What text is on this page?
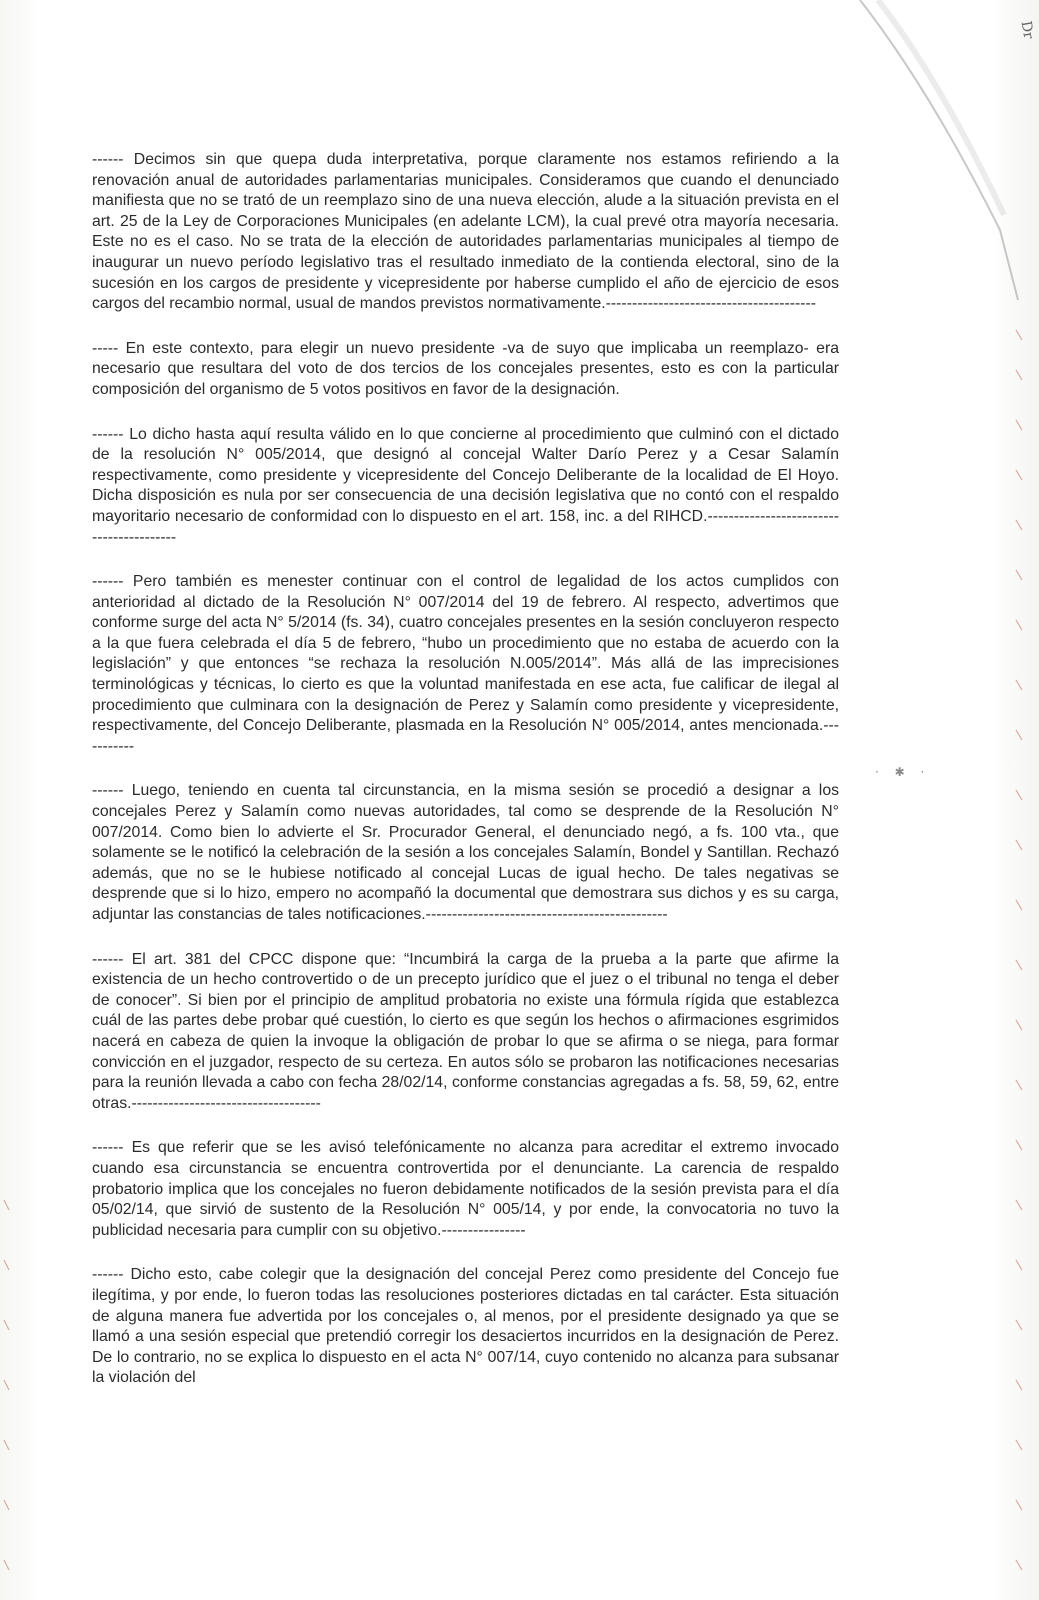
Dr
· ✱ ·

------ Decimos sin que quepa duda interpretativa, porque claramente nos estamos refiriendo a la renovación anual de autoridades parlamentarias municipales. Consideramos que cuando el denunciado manifiesta que no se trató de un reemplazo sino de una nueva elección, alude a la situación prevista en el art. 25 de la Ley de Corporaciones Municipales (en adelante LCM), la cual prevé otra mayoría necesaria. Este no es el caso. No se trata de la elección de autoridades parlamentarias municipales al tiempo de inaugurar un nuevo período legislativo tras el resultado inmediato de la contienda electoral, sino de la sucesión en los cargos de presidente y vicepresidente por haberse cumplido el año de ejercicio de esos cargos del recambio normal, usual de mandos previstos normativamente.----------------------------------------

----- En este contexto, para elegir un nuevo presidente -va de suyo que implicaba un reemplazo- era necesario que resultara del voto de dos tercios de los concejales presentes, esto es con la particular composición del organismo de 5 votos positivos en favor de la designación.

------ Lo dicho hasta aquí resulta válido en lo que concierne al procedimiento que culminó con el dictado de la resolución N° 005/2014, que designó al concejal Walter Darío Perez y a Cesar Salamín respectivamente, como presidente y vicepresidente del Concejo Deliberante de la localidad de El Hoyo. Dicha disposición es nula por ser consecuencia de una decisión legislativa que no contó con el respaldo mayoritario necesario de conformidad con lo dispuesto en el art. 158, inc. a del RIHCD.-----------------------------------------

------ Pero también es menester continuar con el control de legalidad de los actos cumplidos con anterioridad al dictado de la Resolución N° 007/2014 del 19 de febrero. Al respecto, advertimos que conforme surge del acta N° 5/2014 (fs. 34), cuatro concejales presentes en la sesión concluyeron respecto a la que fuera celebrada el día 5 de febrero, “hubo un procedimiento que no estaba de acuerdo con la legislación” y que entonces “se rechaza la resolución N.005/2014”. Más allá de las imprecisiones terminológicas y técnicas, lo cierto es que la voluntad manifestada en ese acta, fue calificar de ilegal al procedimiento que culminara con la designación de Perez y Salamín como presidente y vicepresidente, respectivamente, del Concejo Deliberante, plasmada en la Resolución N° 005/2014, antes mencionada.-----------

------ Luego, teniendo en cuenta tal circunstancia, en la misma sesión se procedió a designar a los concejales Perez y Salamín como nuevas autoridades, tal como se desprende de la Resolución N° 007/2014. Como bien lo advierte el Sr. Procurador General, el denunciado negó, a fs. 100 vta., que solamente se le notificó la celebración de la sesión a los concejales Salamín, Bondel y Santillan. Rechazó además, que no se le hubiese notificado al concejal Lucas de igual hecho. De tales negativas se desprende que si lo hizo, empero no acompañó la documental que demostrara sus dichos y es su carga, adjuntar las constancias de tales notificaciones.----------------------------------------------

------ El art. 381 del CPCC dispone que: “Incumbirá la carga de la prueba a la parte que afirme la existencia de un hecho controvertido o de un precepto jurídico que el juez o el tribunal no tenga el deber de conocer”. Si bien por el principio de amplitud probatoria no existe una fórmula rígida que establezca cuál de las partes debe probar qué cuestión, lo cierto es que según los hechos o afirmaciones esgrimidos nacerá en cabeza de quien la invoque la obligación de probar lo que se afirma o se niega, para formar convicción en el juzgador, respecto de su certeza. En autos sólo se probaron las notificaciones necesarias para la reunión llevada a cabo con fecha 28/02/14, conforme constancias agregadas a fs. 58, 59, 62, entre otras.------------------------------------

------ Es que referir que se les avisó telefónicamente no alcanza para acreditar el extremo invocado cuando esa circunstancia se encuentra controvertida por el denunciante. La carencia de respaldo probatorio implica que los concejales no fueron debidamente notificados de la sesión prevista para el día 05/02/14, que sirvió de sustento de la Resolución N° 005/14, y por ende, la convocatoria no tuvo la publicidad necesaria para cumplir con su objetivo.----------------

------ Dicho esto, cabe colegir que la designación del concejal Perez como presidente del Concejo fue ilegítima, y por ende, lo fueron todas las resoluciones posteriores dictadas en tal carácter. Esta situación de alguna manera fue advertida por los concejales o, al menos, por el presidente designado ya que se llamó a una sesión especial que pretendió corregir los desaciertos incurridos en la designación de Perez. De lo contrario, no se explica lo dispuesto en el acta N° 007/14, cuyo contenido no alcanza para subsanar la violación del
